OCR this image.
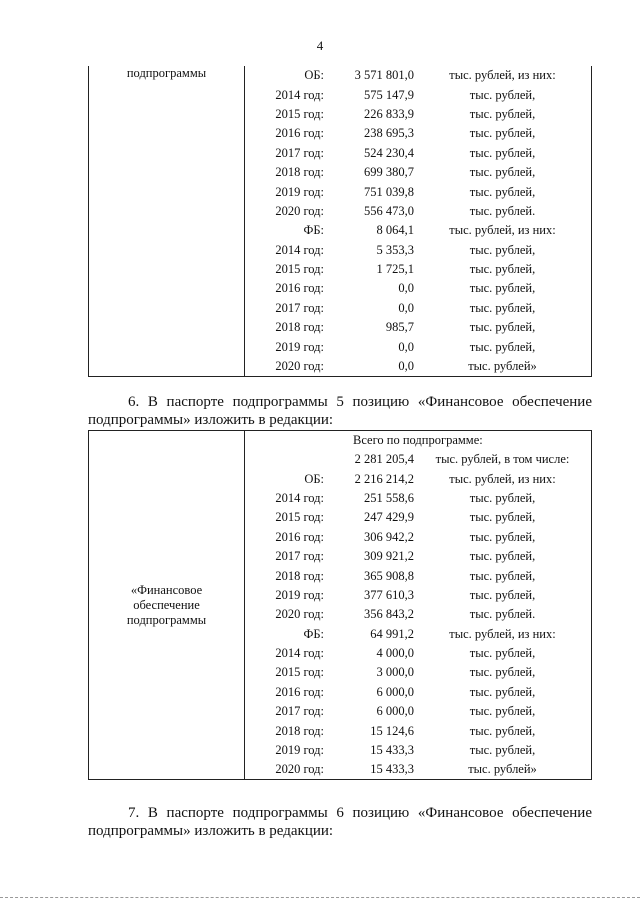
4
подпрограммы	ОБ:	3 571 801,0	тыс. рублей, из них:
	2014 год:	575 147,9	тыс. рублей,
	2015 год:	226 833,9	тыс. рублей,
	2016 год:	238 695,3	тыс. рублей,
	2017 год:	524 230,4	тыс. рублей,
	2018 год:	699 380,7	тыс. рублей,
	2019 год:	751 039,8	тыс. рублей,
	2020 год:	556 473,0	тыс. рублей.
	ФБ:	8 064,1	тыс. рублей, из них:
	2014 год:	5 353,3	тыс. рублей,
	2015 год:	1 725,1	тыс. рублей,
	2016 год:	0,0	тыс. рублей,
	2017 год:	0,0	тыс. рублей,
	2018 год:	985,7	тыс. рублей,
	2019 год:	0,0	тыс. рублей,
	2020 год:	0,0	тыс. рублей»
6. В паспорте подпрограммы 5 позицию «Финансовое обеспечение подпрограммы» изложить в редакции:
«Финансовое
обеспечение
подпрограммы	Всего по подпрограмме:		
		2 281 205,4	тыс. рублей, в том числе:
	ОБ:	2 216 214,2	тыс. рублей, из них:
	2014 год:	251 558,6	тыс. рублей,
	2015 год:	247 429,9	тыс. рублей,
	2016 год:	306 942,2	тыс. рублей,
	2017 год:	309 921,2	тыс. рублей,
	2018 год:	365 908,8	тыс. рублей,
	2019 год:	377 610,3	тыс. рублей,
	2020 год:	356 843,2	тыс. рублей.
	ФБ:	64 991,2	тыс. рублей, из них:
	2014 год:	4 000,0	тыс. рублей,
	2015 год:	3 000,0	тыс. рублей,
	2016 год:	6 000,0	тыс. рублей,
	2017 год:	6 000,0	тыс. рублей,
	2018 год:	15 124,6	тыс. рублей,
	2019 год:	15 433,3	тыс. рублей,
	2020 год:	15 433,3	тыс. рублей»
7. В паспорте подпрограммы 6 позицию «Финансовое обеспечение подпрограммы» изложить в редакции:
